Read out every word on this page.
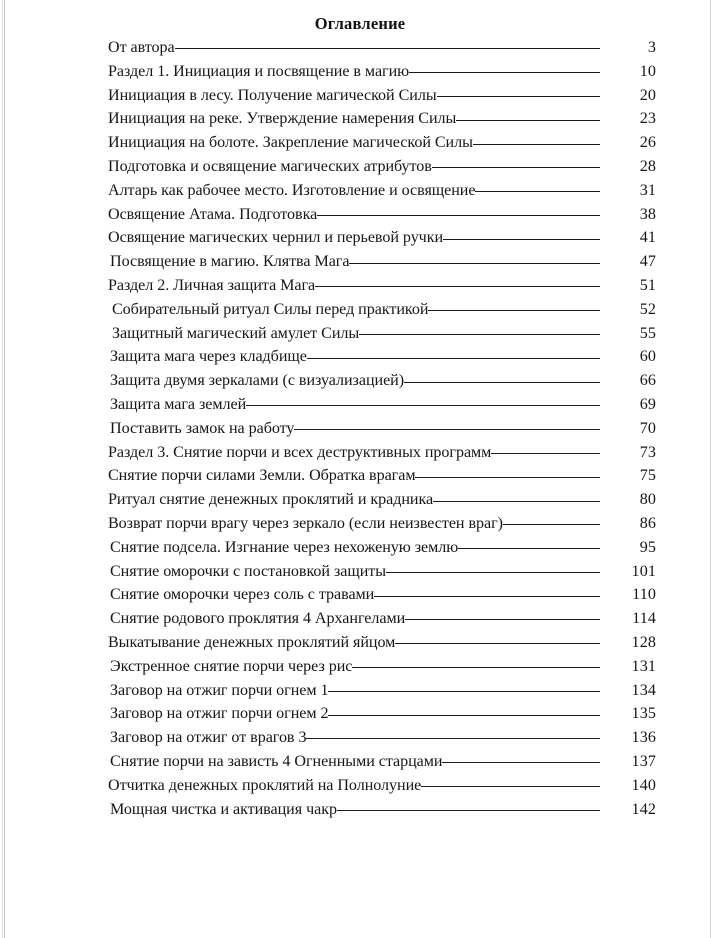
Оглавление
От автора	3
Раздел 1. Инициация и посвящение в магию	10
Инициация в лесу. Получение магической Силы	20
Инициация на реке. Утверждение намерения Силы	23
Инициация на болоте. Закрепление магической Силы	26
Подготовка и освящение магических атрибутов	28
Алтарь как рабочее место. Изготовление и освящение	31
Освящение Атама. Подготовка	38
Освящение магических чернил и перьевой ручки	41
Посвящение в магию. Клятва Мага	47
Раздел 2. Личная защита Мага	51
Собирательный ритуал Силы перед практикой	52
Защитный магический амулет Силы	55
Защита мага через кладбище	60
Защита двумя зеркалами (с визуализацией)	66
Защита мага землей	69
Поставить замок на работу	70
Раздел 3. Снятие порчи и всех деструктивных программ	73
Снятие порчи силами Земли. Обратка врагам	75
Ритуал снятие денежных проклятий и крадника	80
Возврат порчи врагу через зеркало (если неизвестен враг)	86
Снятие подсела. Изгнание через нехоженую землю	95
Снятие оморочки с постановкой защиты	101
Снятие оморочки через соль с травами	110
Снятие родового проклятия 4 Архангелами	114
Выкатывание денежных проклятий яйцом	128
Экстренное снятие порчи через рис	131
Заговор на отжиг порчи огнем 1	134
Заговор на отжиг порчи огнем 2	135
Заговор на отжиг от врагов 3	136
Снятие порчи на зависть 4 Огненными старцами	137
Отчитка денежных проклятий на Полнолуние	140
Мощная чистка и активация чакр	142
